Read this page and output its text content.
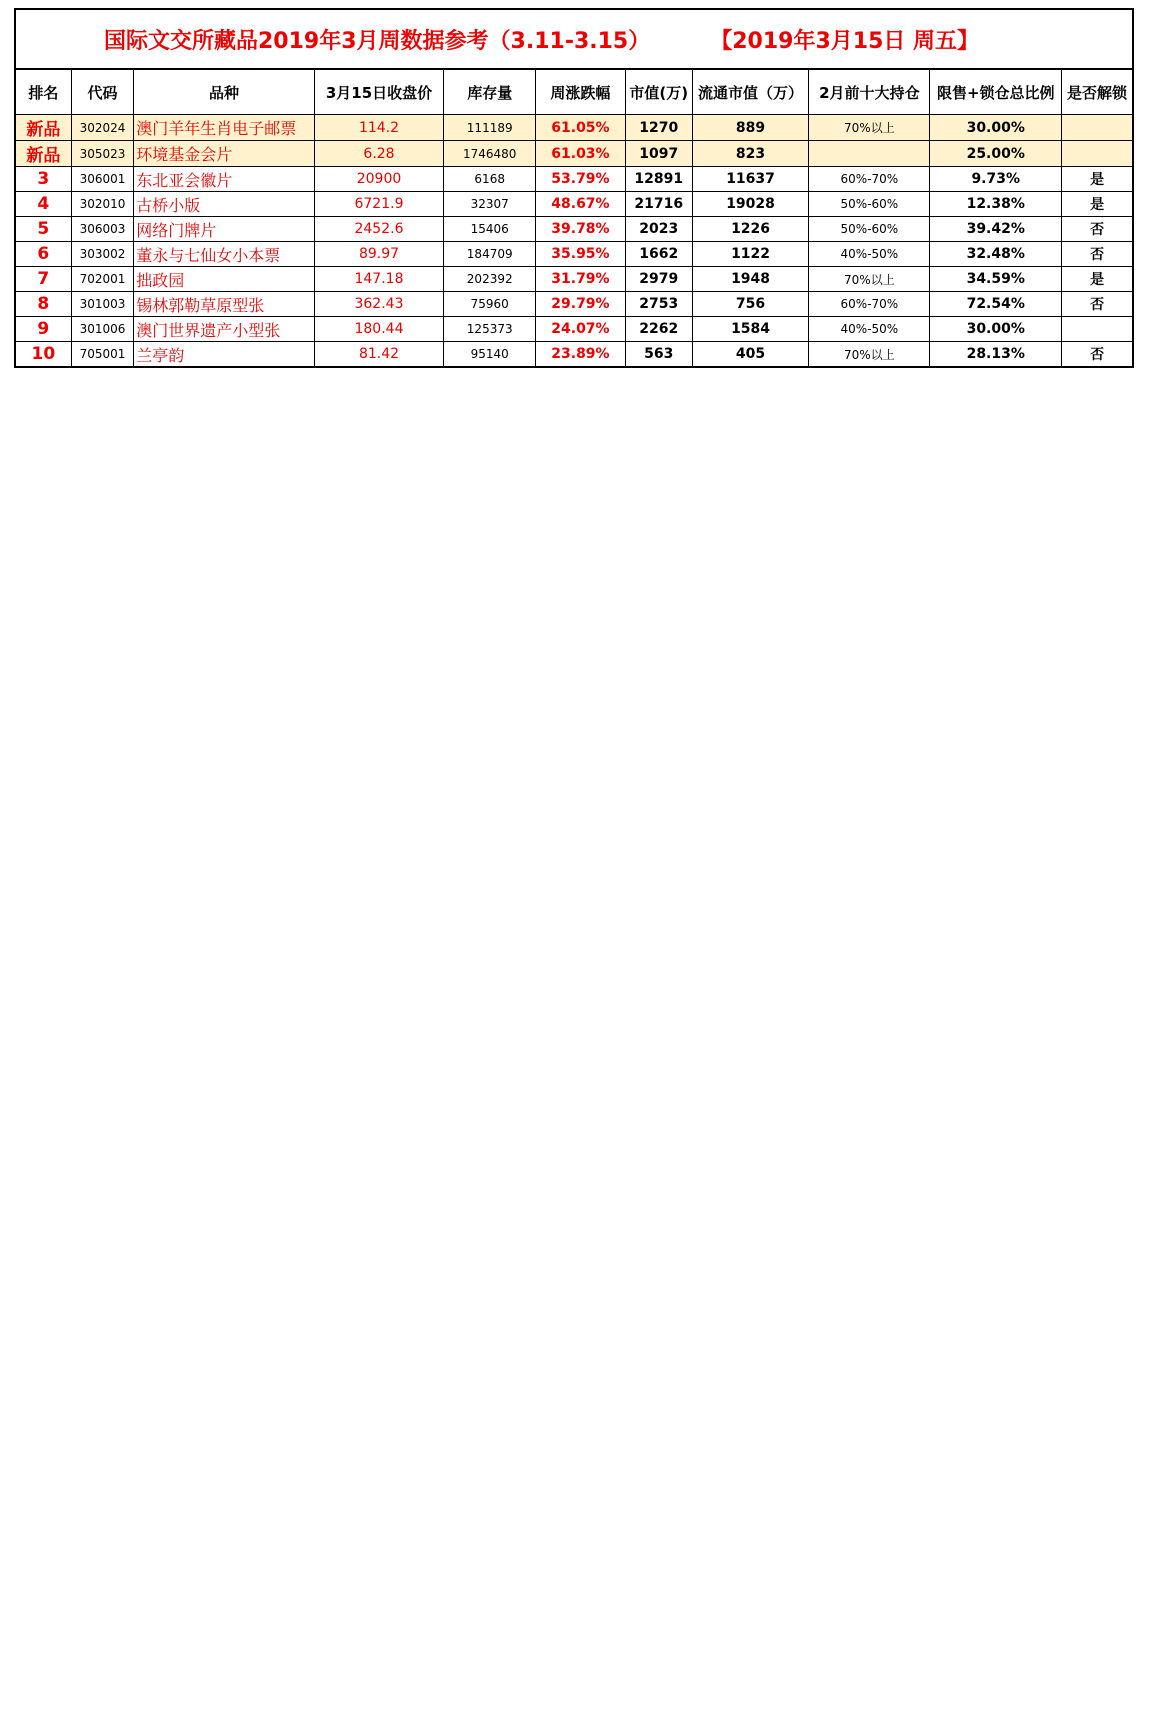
国际文交所藏品2019年3月周数据参考（3.11-3.15）	【2019年3月15日 周五】
排名	代码	品种	3月15日收盘价	库存量	周涨跌幅	市值(万)	流通市值（万）	2月前十大持仓	限售+锁仓总比例	是否解锁
新品	302024	澳门羊年生肖电子邮票	114.2	111189	61.05%	1270	889	70%以上	30.00%	
新品	305023	环境基金会片	6.28	1746480	61.03%	1097	823		25.00%	
3	306001	东北亚会徽片	20900	6168	53.79%	12891	11637	60%-70%	9.73%	是
4	302010	古桥小版	6721.9	32307	48.67%	21716	19028	50%-60%	12.38%	是
5	306003	网络门牌片	2452.6	15406	39.78%	2023	1226	50%-60%	39.42%	否
6	303002	董永与七仙女小本票	89.97	184709	35.95%	1662	1122	40%-50%	32.48%	否
7	702001	拙政园	147.18	202392	31.79%	2979	1948	70%以上	34.59%	是
8	301003	锡林郭勒草原型张	362.43	75960	29.79%	2753	756	60%-70%	72.54%	否
9	301006	澳门世界遗产小型张	180.44	125373	24.07%	2262	1584	40%-50%	30.00%	
10	705001	兰亭韵	81.42	95140	23.89%	563	405	70%以上	28.13%	否
